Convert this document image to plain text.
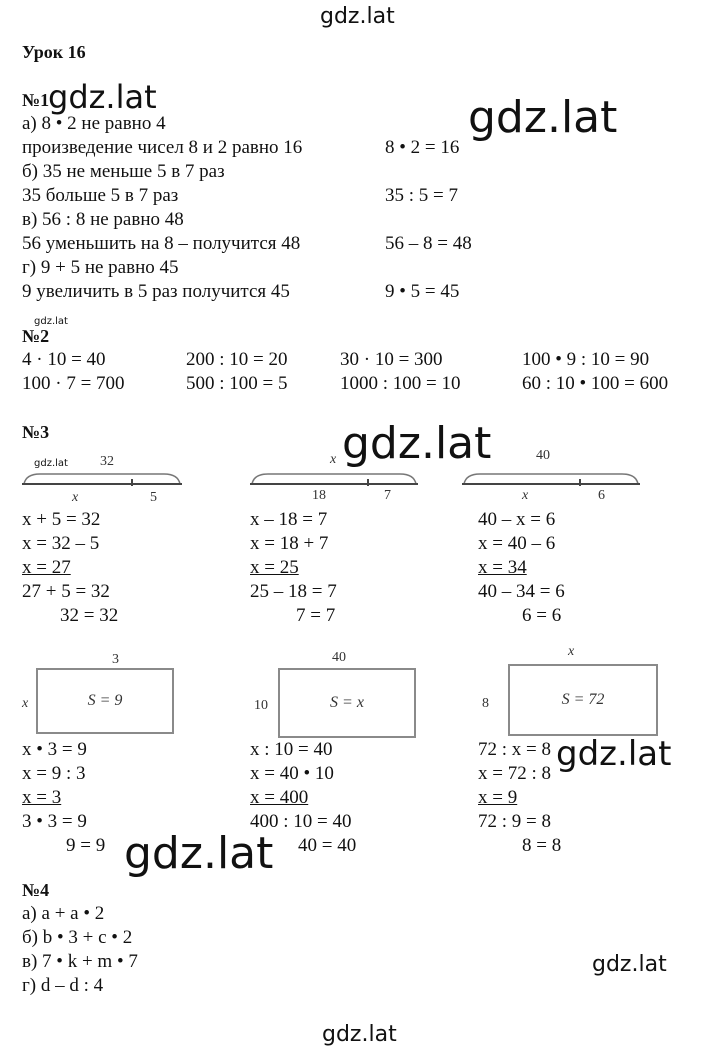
gdz.lat
Урок 16
№1
gdz.lat	gdz.lat
а) 8 • 2 не равно 4
произведение чисел 8 и 2 равно 16	8 • 2 = 16
б) 35 не меньше 5 в 7 раз
35 больше 5 в 7 раз	35 : 5 = 7
в) 56 : 8 не равно 48
56 уменьшить на 8 – получится 48	56 – 8 = 48
г) 9 + 5 не равно 45
9 увеличить в 5 раз получится 45	9 • 5 = 45
gdz.lat
№2
4 · 10 = 40	200 : 10 = 20	30 · 10 = 300	100 • 9 : 10 = 90
100 · 7 = 700	500 : 100 = 5	1000 : 100 = 10	60 : 10 • 100 = 600
№3	gdz.lat
gdz.lat 32
x	5
x
18	7
40
x	6
x + 5 = 32
x = 32 – 5
x = 27
27 + 5 = 32
32 = 32
x – 18 = 7
x = 18 + 7
x = 25
25 – 18 = 7
7 = 7
40 – x = 6
x = 40 – 6
x = 34
40 – 34 = 6
6 = 6
3
x	S = 9
40
10	S = x
x
8	S = 72
x • 3 = 9
x = 9 : 3
x = 3
3 • 3 = 9
9 = 9
x : 10 = 40
x = 40 • 10
x = 400
400 : 10 = 40
40 = 40
72 : x = 8
x = 72 : 8
x = 9
72 : 9 = 8
8 = 8
gdz.lat
gdz.lat
№4
а) a + a • 2
б) b • 3 + c • 2
в) 7 • k + m • 7
г) d – d : 4
gdz.lat
gdz.lat
